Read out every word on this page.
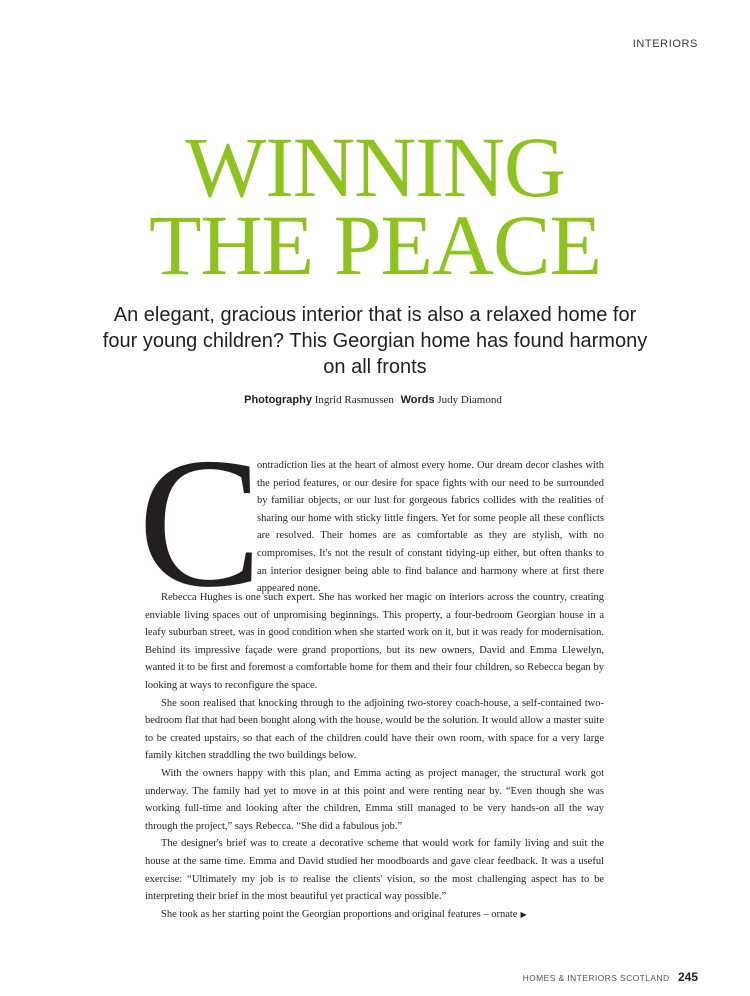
INTERIORS
WINNING
THE PEACE

An elegant, gracious interior that is also a relaxed home for four young children? This Georgian home has found harmony on all fronts

Photography Ingrid Rasmussen Words Judy Diamond
C
ontradiction lies at the heart of almost every home. Our dream decor clashes with the period features, or our desire for space fights with our need to be surrounded by familiar objects, or our lust for gorgeous fabrics collides with the realities of sharing our home with sticky little fingers. Yet for some people all these conflicts are resolved. Their homes are as comfortable as they are stylish, with no compromises. It's not the result of constant tidying-up either, but often thanks to an interior designer being able to find balance and harmony where at first there appeared none.

Rebecca Hughes is one such expert. She has worked her magic on interiors across the country, creating enviable living spaces out of unpromising beginnings. This property, a four-bedroom Georgian house in a leafy suburban street, was in good condition when she started work on it, but it was ready for modernisation. Behind its impressive façade were grand proportions, but its new owners, David and Emma Llewelyn, wanted it to be first and foremost a comfortable home for them and their four children, so Rebecca began by looking at ways to reconfigure the space.

She soon realised that knocking through to the adjoining two-storey coach-house, a self-contained two-bedroom flat that had been bought along with the house, would be the solution. It would allow a master suite to be created upstairs, so that each of the children could have their own room, with space for a very large family kitchen straddling the two buildings below.

With the owners happy with this plan, and Emma acting as project manager, the structural work got underway. The family had yet to move in at this point and were renting near by. “Even though she was working full-time and looking after the children, Emma still managed to be very hands-on all the way through the project,” says Rebecca. “She did a fabulous job.”

The designer's brief was to create a decorative scheme that would work for family living and suit the house at the same time. Emma and David studied her moodboards and gave clear feedback. It was a useful exercise: “Ultimately my job is to realise the clients' vision, so the most challenging aspect has to be interpreting their brief in the most beautiful yet practical way possible.”

She took as her starting point the Georgian proportions and original features – ornate ▶

HOMES & INTERIORS SCOTLAND 245
